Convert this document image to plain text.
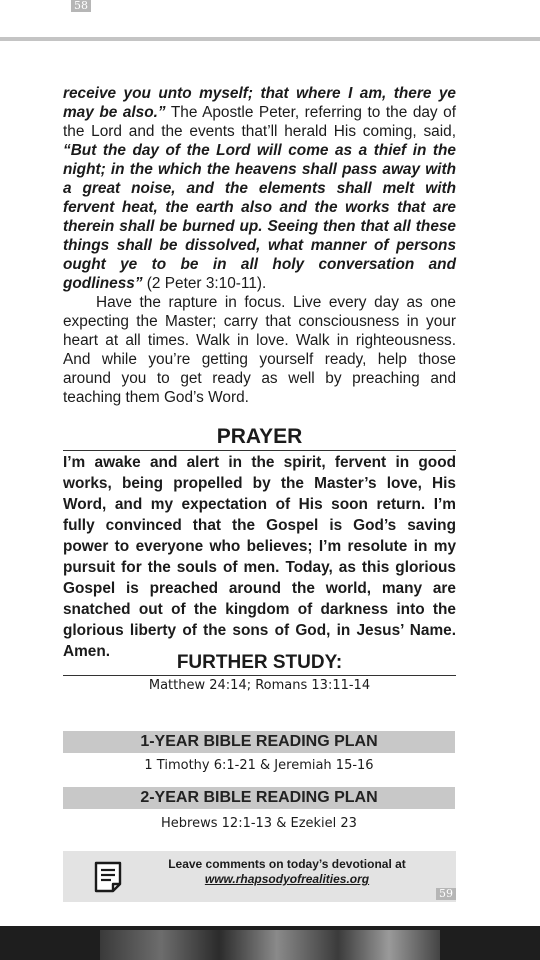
58

receive you unto myself; that where I am, there ye may be also.” The Apostle Peter, referring to the day of the Lord and the events that’ll herald His coming, said, “But the day of the Lord will come as a thief in the night; in the which the heavens shall pass away with a great noise, and the elements shall melt with fervent heat, the earth also and the works that are therein shall be burned up. Seeing then that all these things shall be dissolved, what manner of persons ought ye to be in all holy conversation and godliness” (2 Peter 3:10-11).

Have the rapture in focus. Live every day as one expecting the Master; carry that consciousness in your heart at all times. Walk in love. Walk in righteousness. And while you’re getting yourself ready, help those around you to get ready as well by preaching and teaching them God’s Word.

PRAYER
I’m awake and alert in the spirit, fervent in good works, being propelled by the Master’s love, His Word, and my expectation of His soon return. I’m fully convinced that the Gospel is God’s saving power to everyone who believes; I’m resolute in my pursuit for the souls of men. Today, as this glorious Gospel is preached around the world, many are snatched out of the kingdom of darkness into the glorious liberty of the sons of God, in Jesus’ Name. Amen.
FURTHER STUDY:
Matthew 24:14; Romans 13:11-14
1-YEAR BIBLE READING PLAN
1 Timothy 6:1-21 & Jeremiah 15-16
2-YEAR BIBLE READING PLAN
Hebrews 12:1-13 & Ezekiel 23
Leave comments on today’s devotional at
www.rhapsodyofrealities.org
59
